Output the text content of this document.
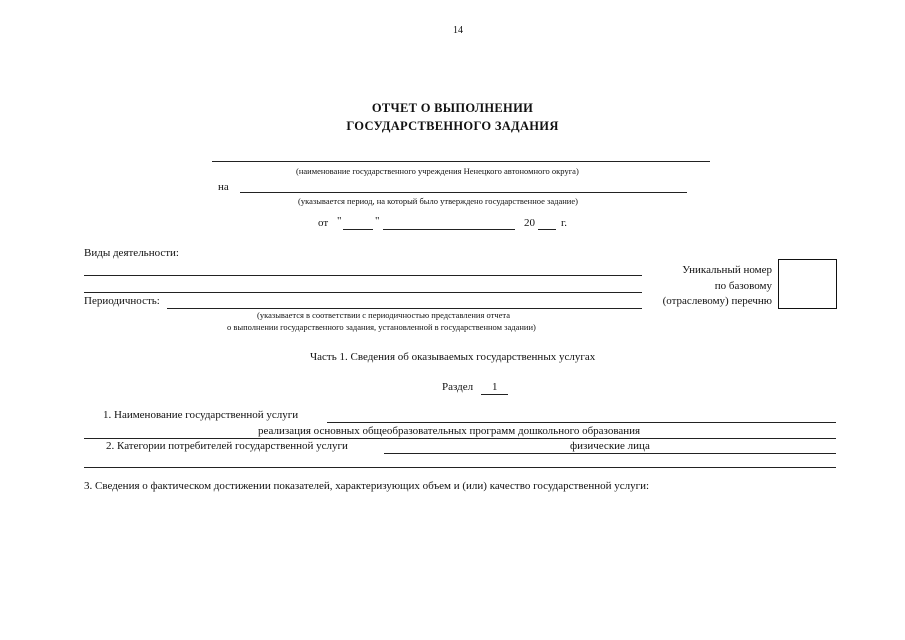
14
ОТЧЕТ О ВЫПОЛНЕНИИ
ГОСУДАРСТВЕННОГО ЗАДАНИЯ
(наименование государственного учреждения Ненецкого автономного округа)
на
(указывается период, на который было утверждено государственное задание)
от "	"	20 г.
Виды деятельности:
Уникальный номер
по базовому
(отраслевому) перечню
Периодичность:
(указывается в соответствии с периодичностью представления отчета
о выполнении государственного задания, установленной в государственном задании)
Часть 1. Сведения об оказываемых государственных услугах
Раздел 1
1. Наименование государственной услуги
реализация основных общеобразовательных программ дошкольного образования
2. Категории потребителей государственной услуги	физические лица
3. Сведения о фактическом достижении показателей, характеризующих объем и (или) качество государственной услуги:
